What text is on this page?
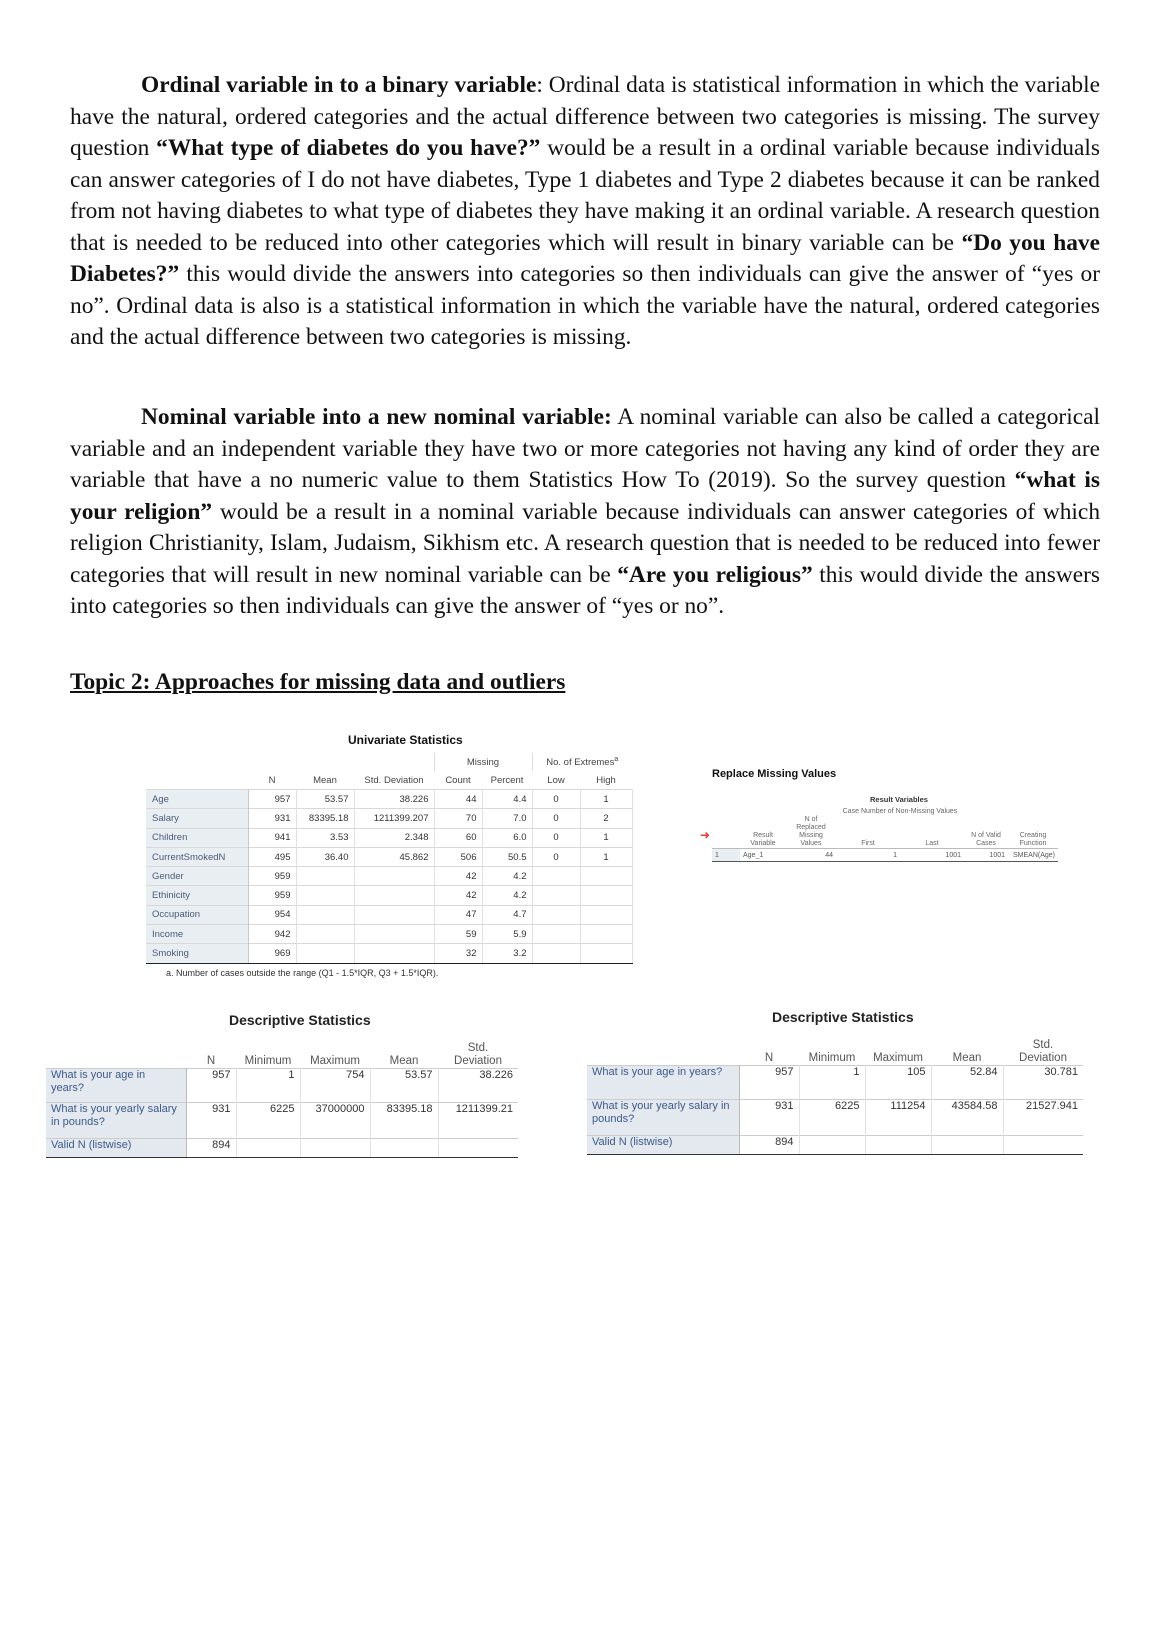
Ordinal variable in to a binary variable: Ordinal data is statistical information in which the variable have the natural, ordered categories and the actual difference between two categories is missing. The survey question “What type of diabetes do you have?” would be a result in a ordinal variable because individuals can answer categories of I do not have diabetes, Type 1 diabetes and Type 2 diabetes because it can be ranked from not having diabetes to what type of diabetes they have making it an ordinal variable. A research question that is needed to be reduced into other categories which will result in binary variable can be “Do you have Diabetes?” this would divide the answers into categories so then individuals can give the answer of “yes or no”. Ordinal data is also is a statistical information in which the variable have the natural, ordered categories and the actual difference between two categories is missing.

Nominal variable into a new nominal variable: A nominal variable can also be called a categorical variable and an independent variable they have two or more categories not having any kind of order they are variable that have a no numeric value to them Statistics How To (2019). So the survey question “what is your religion” would be a result in a nominal variable because individuals can answer categories of which religion Christianity, Islam, Judaism, Sikhism etc. A research question that is needed to be reduced into fewer categories that will result in new nominal variable can be “Are you religious” this would divide the answers into categories so then individuals can give the answer of “yes or no”.

Topic 2: Approaches for missing data and outliers
Univariate Statistics
				Missing		No. of Extremes$^a$
	N	Mean	Std. Deviation	Count	Percent	Low	High
Age	957	53.57	38.226	44	4.4	0	1
Salary	931	83395.18	1211399.207	70	7.0	0	2
Children	941	3.53	2.348	60	6.0	0	1
CurrentSmokedN	495	36.40	45.862	506	50.5	0	1
Gender	959			42	4.2		
Ethinicity	959			42	4.2		
Occupation	954			47	4.7		
Income	942			59	5.9		
Smoking	969			32	3.2		
a. Number of cases outside the range (Q1 - 1.5*IQR, Q3 + 1.5*IQR).
Replace Missing Values
➜
	Result Variables					
			Case Number of Non-Missing Values			
	Result Variable	N of Replaced Missing Values	First	Last	N of Valid Cases	Creating Function
1	Age_1	44	1	1001	1001	SMEAN(Age)
Descriptive Statistics
	N	Minimum	Maximum	Mean	Std. Deviation
What is your age in years?	957	1	754	53.57	38.226
What is your yearly salary in pounds?	931	6225	37000000	83395.18	1211399.21
Valid N (listwise)	894				
Descriptive Statistics
	N	Minimum	Maximum	Mean	Std. Deviation
What is your age in years?	957	1	105	52.84	30.781
What is your yearly salary in pounds?	931	6225	111254	43584.58	21527.941
Valid N (listwise)	894				
